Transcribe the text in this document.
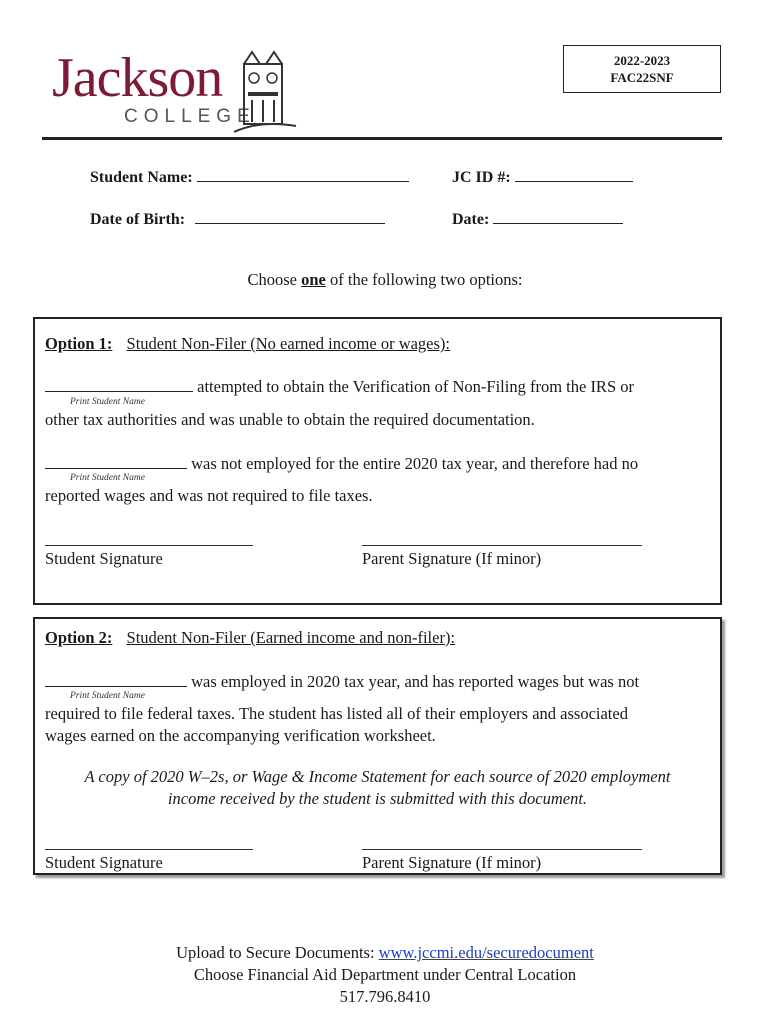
Jackson
COLLEGE
2022-2023
FAC22SNF
Student Name:	JC ID #:
Date of Birth:	Date:
Choose one of the following two options:
Option 1: Student Non-Filer (No earned income or wages):
attempted to obtain the Verification of Non-Filing from the IRS or
Print Student Name
other tax authorities and was unable to obtain the required documentation.
was not employed for the entire 2020 tax year, and therefore had no
Print Student Name
reported wages and was not required to file taxes.
Student Signature	Parent Signature (If minor)
Option 2: Student Non-Filer (Earned income and non-filer):
was employed in 2020 tax year, and has reported wages but was not
Print Student Name
required to file federal taxes. The student has listed all of their employers and associated
wages earned on the accompanying verification worksheet.
A copy of 2020 W–2s, or Wage & Income Statement for each source of 2020 employment
income received by the student is submitted with this document.
Student Signature	Parent Signature (If minor)
Upload to Secure Documents: www.jccmi.edu/securedocument
Choose Financial Aid Department under Central Location
517.796.8410
